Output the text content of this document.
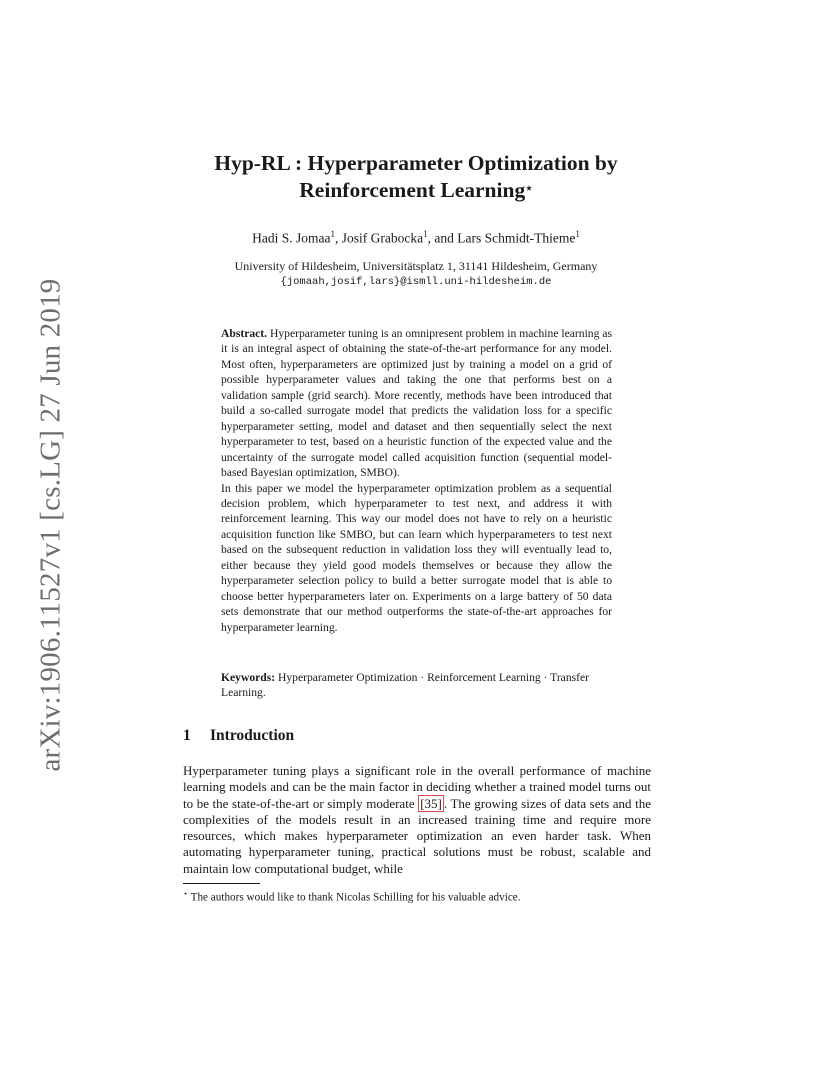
arXiv:1906.11527v1 [cs.LG] 27 Jun 2019
Hyp-RL : Hyperparameter Optimization by
Reinforcement Learning⋆
Hadi S. Jomaa$^1$, Josif Grabocka$^1$, and Lars Schmidt-Thieme$^1$
University of Hildesheim, Universitätsplatz 1, 31141 Hildesheim, Germany
{jomaah,josif,lars}@ismll.uni-hildesheim.de

Abstract. Hyperparameter tuning is an omnipresent problem in machine learning as it is an integral aspect of obtaining the state-of-the-art performance for any model. Most often, hyperparameters are optimized just by training a model on a grid of possible hyperparameter values and taking the one that performs best on a validation sample (grid search). More recently, methods have been introduced that build a so-called surrogate model that predicts the validation loss for a specific hyperparameter setting, model and dataset and then sequentially select the next hyperparameter to test, based on a heuristic function of the expected value and the uncertainty of the surrogate model called acquisition function (sequential model-based Bayesian optimization, SMBO).

In this paper we model the hyperparameter optimization problem as a sequential decision problem, which hyperparameter to test next, and address it with reinforcement learning. This way our model does not have to rely on a heuristic acquisition function like SMBO, but can learn which hyperparameters to test next based on the subsequent reduction in validation loss they will eventually lead to, either because they yield good models themselves or because they allow the hyperparameter selection policy to build a better surrogate model that is able to choose better hyperparameters later on. Experiments on a large battery of 50 data sets demonstrate that our method outperforms the state-of-the-art approaches for hyperparameter learning.

Keywords: Hyperparameter Optimization · Reinforcement Learning · Transfer Learning.
1 Introduction
Hyperparameter tuning plays a significant role in the overall performance of machine learning models and can be the main factor in deciding whether a trained model turns out to be the state-of-the-art or simply moderate [35] . The growing sizes of data sets and the complexities of the models result in an increased training time and require more resources, which makes hyperparameter optimization an even harder task. When automating hyperparameter tuning, practical solutions must be robust, scalable and maintain low computational budget, while
⋆ The authors would like to thank Nicolas Schilling for his valuable advice.
